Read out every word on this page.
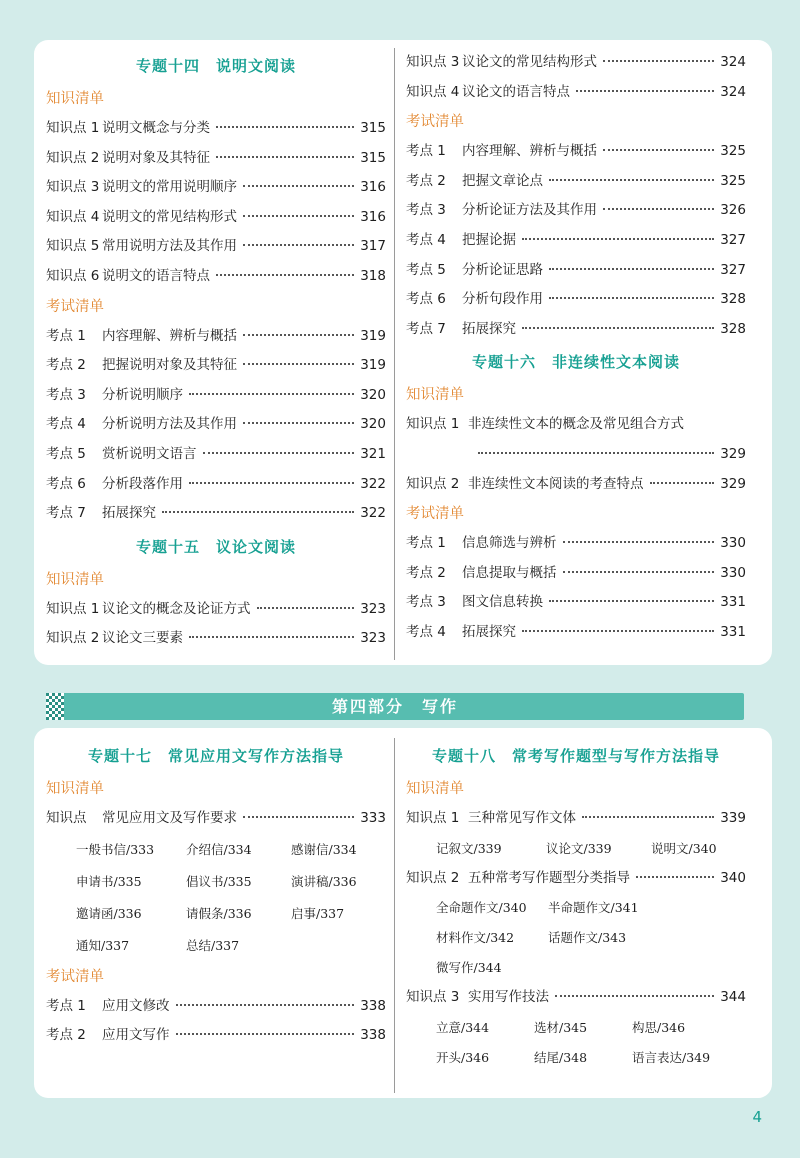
专题十四　说明文阅读
知识清单
知识点 1 说明文概念与分类	315
知识点 2 说明对象及其特征	315
知识点 3 说明文的常用说明顺序	316
知识点 4 说明文的常见结构形式	316
知识点 5 常用说明方法及其作用	317
知识点 6 说明文的语言特点	318
考试清单
考点 1	内容理解、辨析与概括	319
考点 2	把握说明对象及其特征	319
考点 3	分析说明顺序	320
考点 4	分析说明方法及其作用	320
考点 5	赏析说明文语言	321
考点 6	分析段落作用	322
考点 7	拓展探究	322
专题十五　议论文阅读
知识清单
知识点 1 议论文的概念及论证方式	323
知识点 2 议论文三要素	323
知识点 3 议论文的常见结构形式	324
知识点 4 议论文的语言特点	324
考试清单
考点 1	内容理解、辨析与概括	325
考点 2	把握文章论点	325
考点 3	分析论证方法及其作用	326
考点 4	把握论据	327
考点 5	分析论证思路	327
考点 6	分析句段作用	328
考点 7	拓展探究	328
专题十六　非连续性文本阅读
知识清单
知识点 1 非连续性文本的概念及常见组合方式
329
知识点 2 非连续性文本阅读的考查特点	329
考试清单
考点 1	信息筛选与辨析	330
考点 2	信息提取与概括	330
考点 3	图文信息转换	331
考点 4	拓展探究	331
第四部分　写作
专题十七　常见应用文写作方法指导
知识清单
知识点	常见应用文及写作要求	333
一般书信/333	介绍信/334	感谢信/334
申请书/335	倡议书/335	演讲稿/336
邀请函/336	请假条/336	启事/337
通知/337	总结/337
考试清单
考点 1	应用文修改	338
考点 2	应用文写作	338
专题十八　常考写作题型与写作方法指导
知识清单
知识点 1 三种常见写作文体	339
记叙文/339	议论文/339	说明文/340
知识点 2 五种常考写作题型分类指导	340
全命题作文/340	半命题作文/341
材料作文/342	话题作文/343
微写作/344
知识点 3 实用写作技法	344
立意/344	选材/345	构思/346
开头/346	结尾/348	语言表达/349
4
